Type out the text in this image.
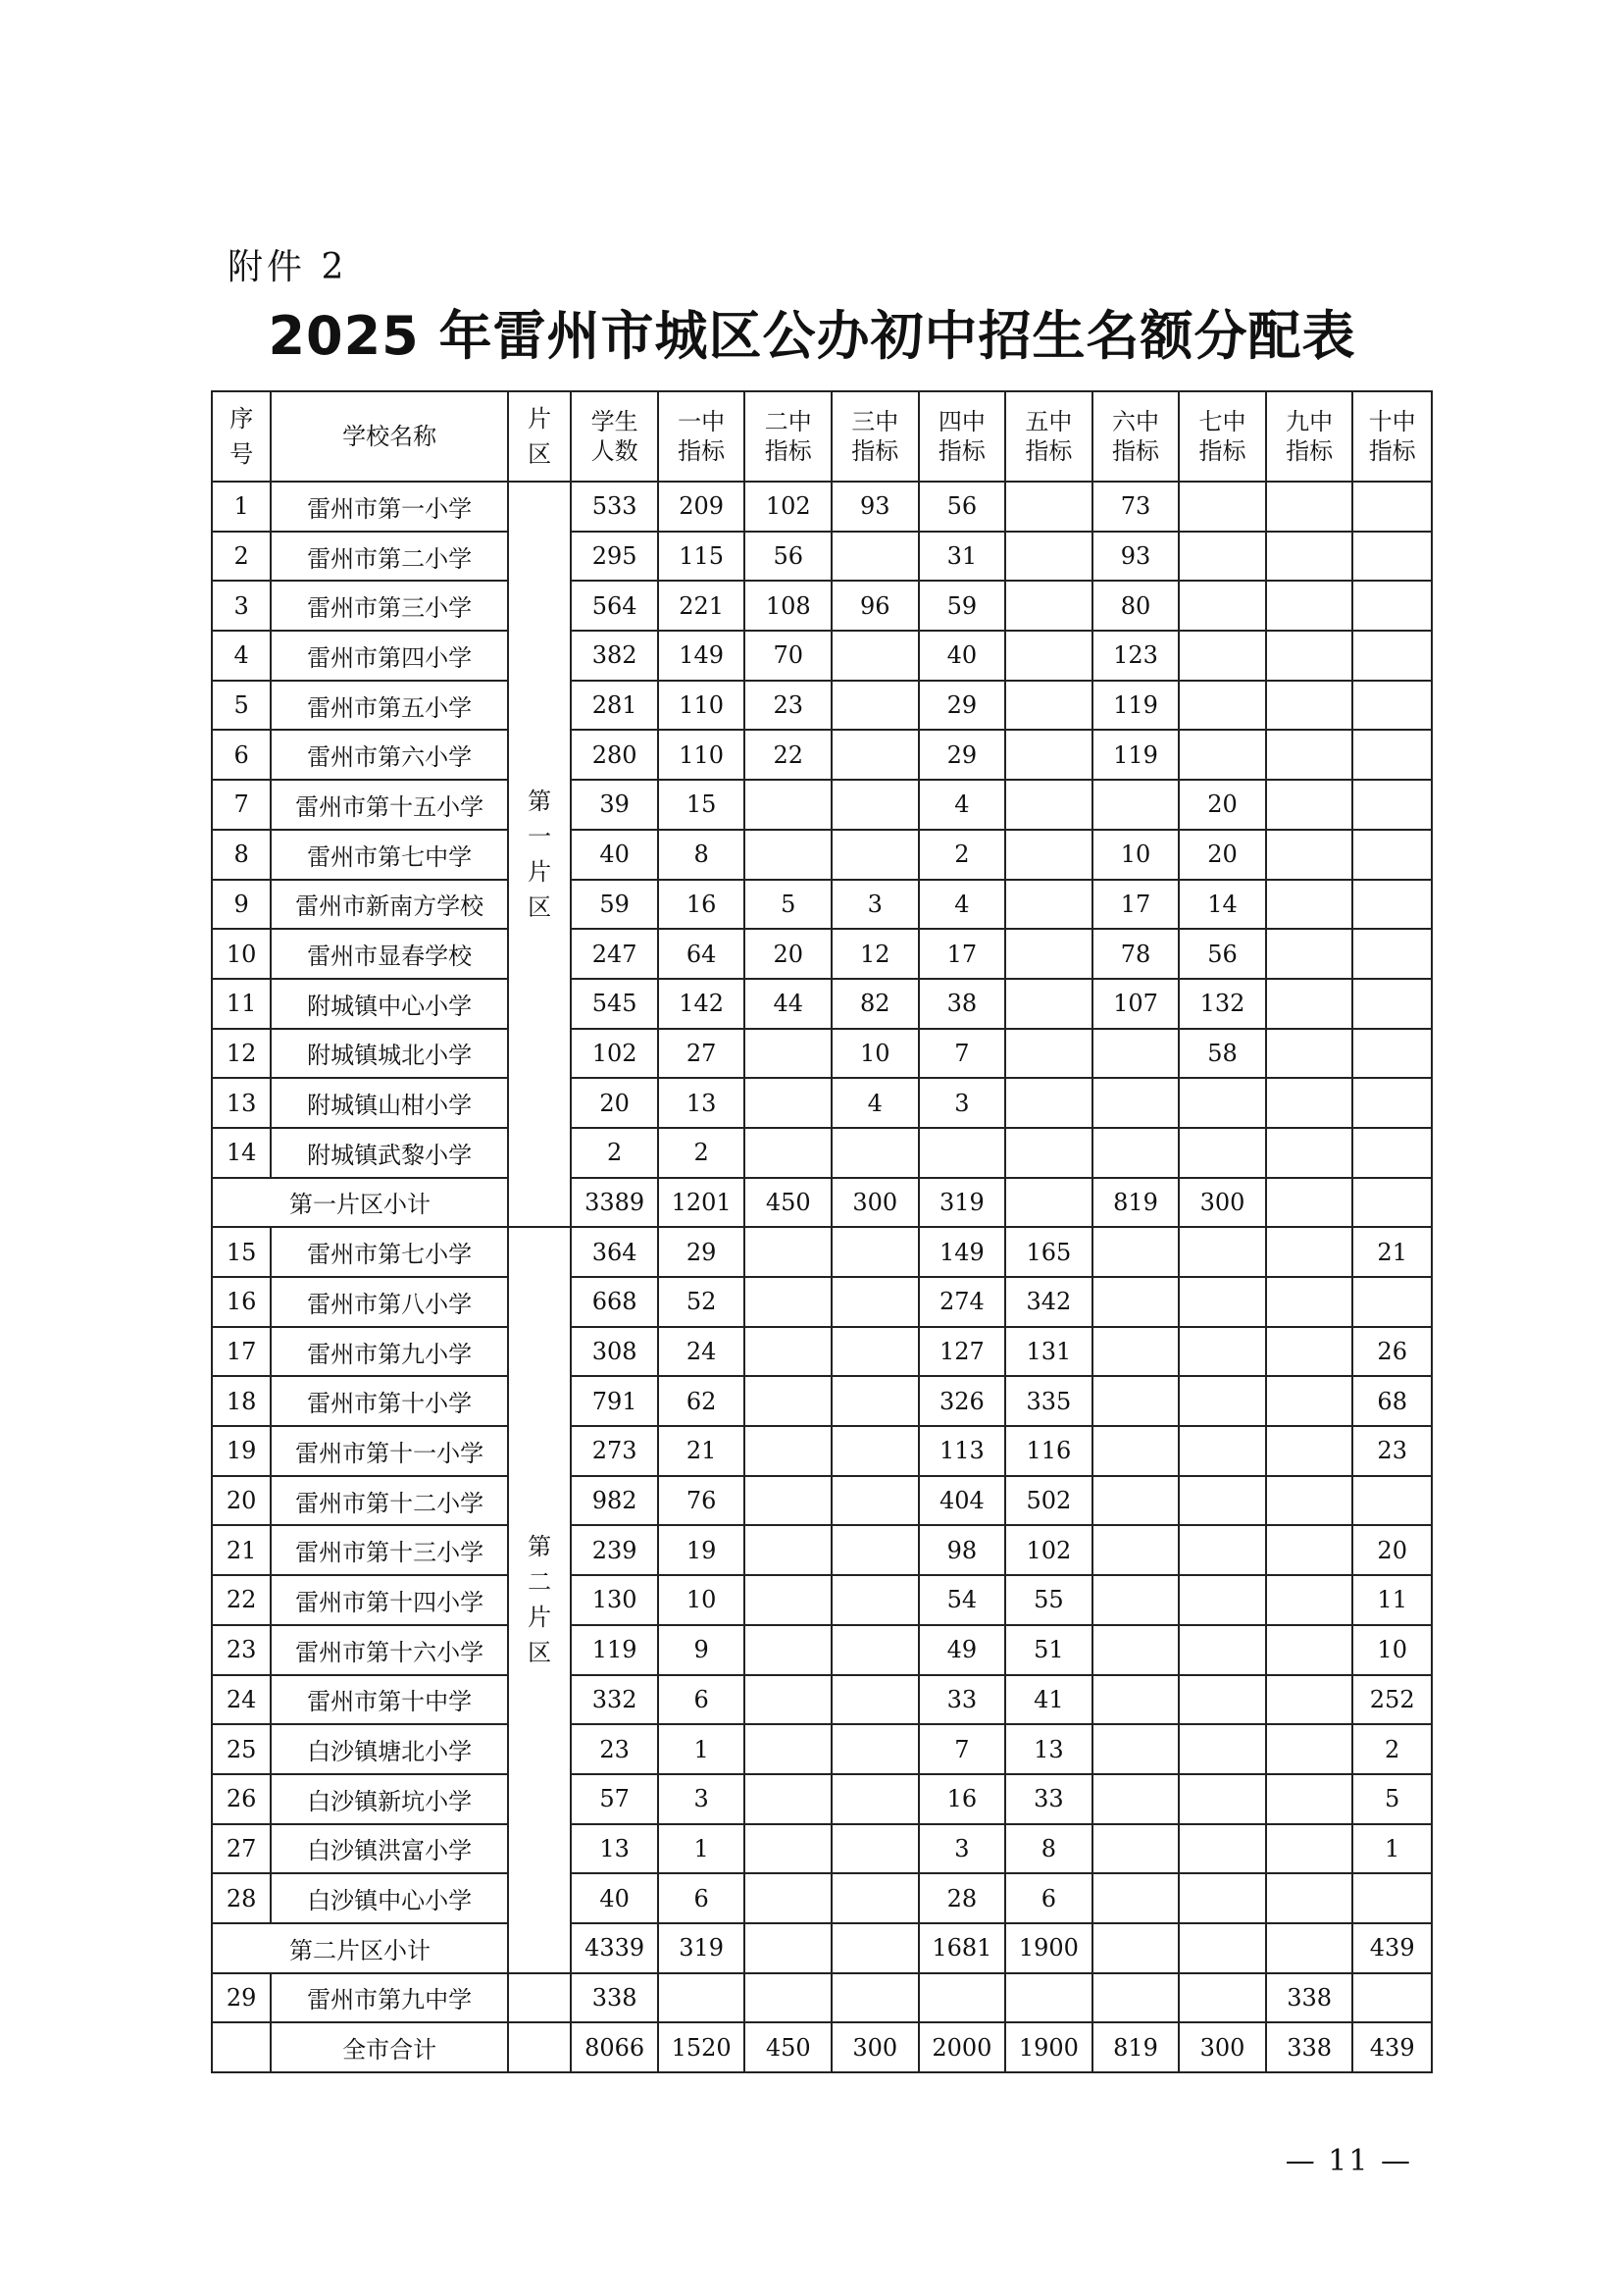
附件 2
2025 年雷州市城区公办初中招生名额分配表
序号	学校名称	片区	学生人数	一中指标	二中指标	三中指标	四中指标	五中指标	六中指标	七中指标	九中指标	十中指标
1	雷州市第一小学	第一片区	533	209	102	93	56		73			
2	雷州市第二小学		295	115	56		31		93			
3	雷州市第三小学		564	221	108	96	59		80			
4	雷州市第四小学		382	149	70		40		123			
5	雷州市第五小学		281	110	23		29		119			
6	雷州市第六小学		280	110	22		29		119			
7	雷州市第十五小学		39	15			4			20		
8	雷州市第七中学		40	8			2		10	20		
9	雷州市新南方学校		59	16	5	3	4		17	14		
10	雷州市显春学校		247	64	20	12	17		78	56		
11	附城镇中心小学		545	142	44	82	38		107	132		
12	附城镇城北小学		102	27		10	7			58		
13	附城镇山柑小学		20	13		4	3					
14	附城镇武黎小学		2	2								
第一片区小计			3389	1201	450	300	319		819	300		
15	雷州市第七小学	第二片区	364	29			149	165				21
16	雷州市第八小学		668	52			274	342				
17	雷州市第九小学		308	24			127	131				26
18	雷州市第十小学		791	62			326	335				68
19	雷州市第十一小学		273	21			113	116				23
20	雷州市第十二小学		982	76			404	502				
21	雷州市第十三小学		239	19			98	102				20
22	雷州市第十四小学		130	10			54	55				11
23	雷州市第十六小学		119	9			49	51				10
24	雷州市第十中学		332	6			33	41				252
25	白沙镇塘北小学		23	1			7	13				2
26	白沙镇新坑小学		57	3			16	33				5
27	白沙镇洪富小学		13	1			3	8				1
28	白沙镇中心小学		40	6			28	6				
第二片区小计			4339	319			1681	1900				439
29	雷州市第九中学		338								338	
	全市合计		8066	1520	450	300	2000	1900	819	300	338	439
— 11 —
